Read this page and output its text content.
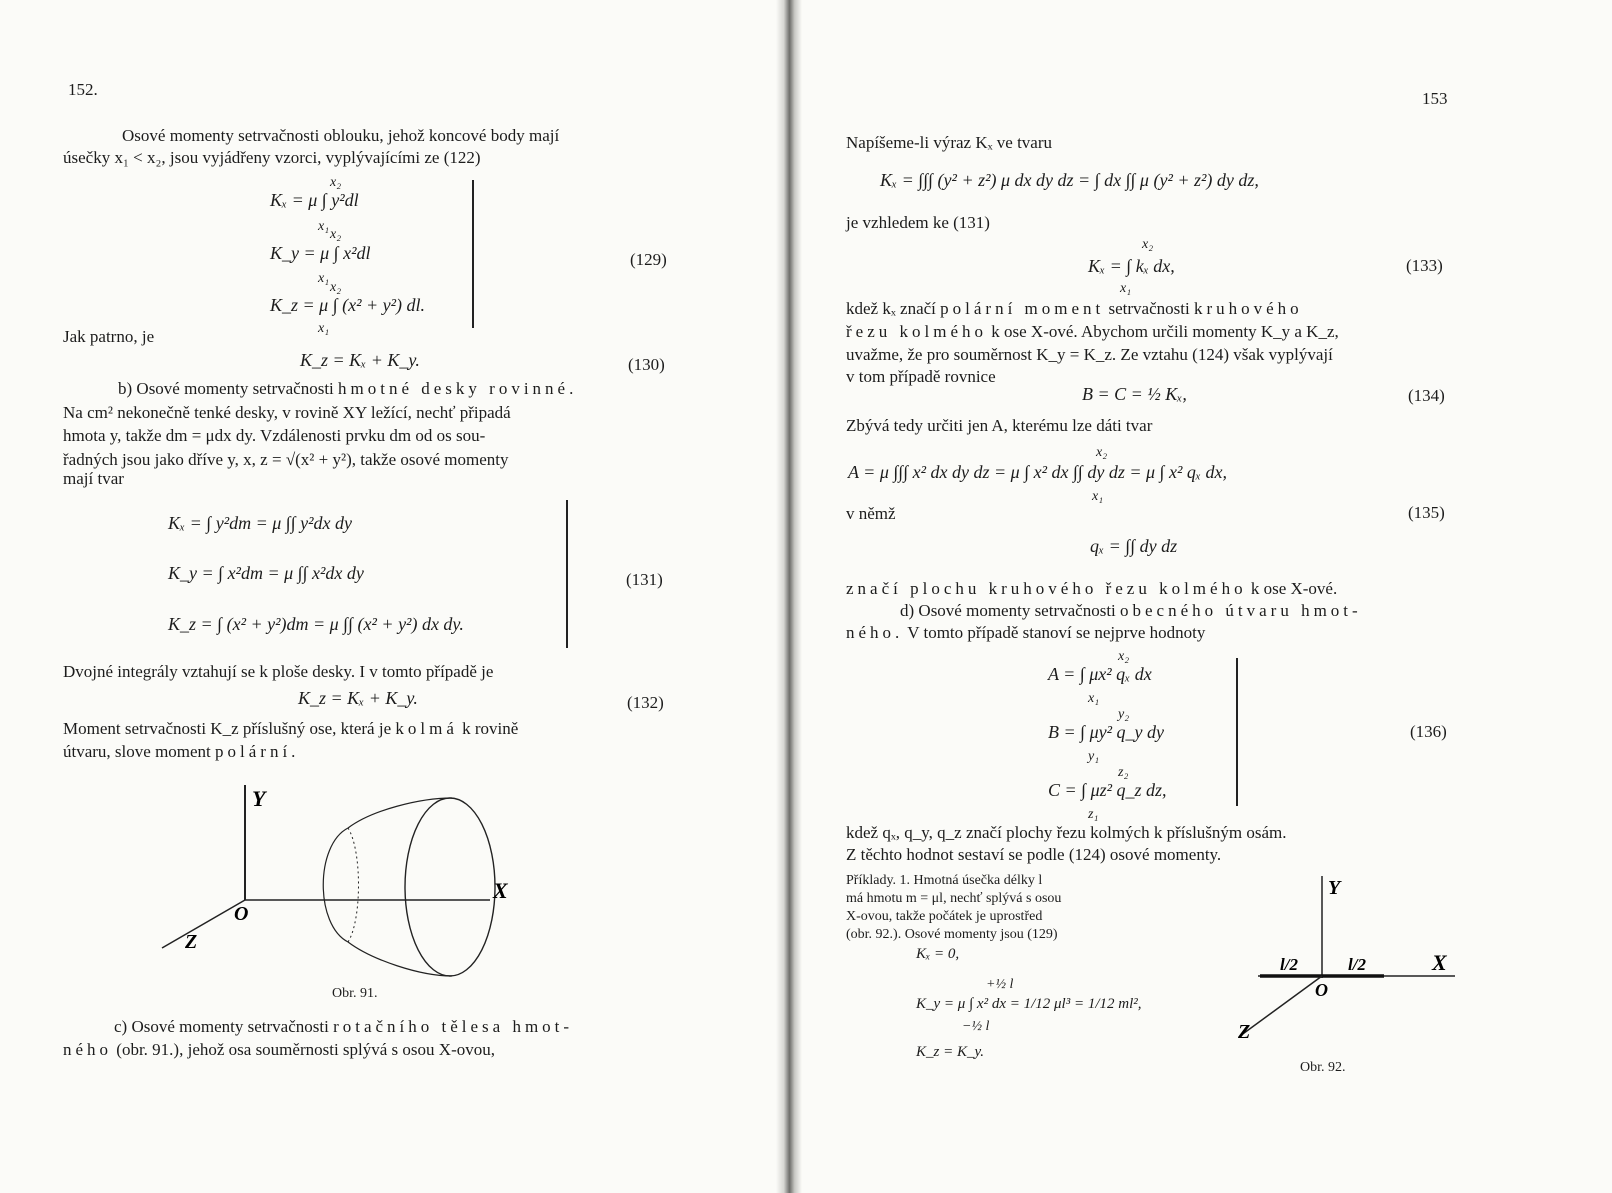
152.
Osové momenty setrvačnosti oblouku, jehož koncové body mají
úsečky x₁ < x₂, jsou vyjádřeny vzorci, vyplývajícími ze (122)
Kₓ = μ ∫ y²dl
K_y = μ ∫ x²dl
K_z = μ ∫ (x² + y²) dl.
x₂
x₁
x₂
x₁
x₂
x₁
(129)
Jak patrno, je
K_z = Kₓ + K_y.	(130)
b) Osové momenty setrvačnosti hmotné desky rovinné.
Na cm² nekonečně tenké desky, v rovině XY ležící, nechť připadá
hmota y, takže dm = μdx dy. Vzdálenosti prvku dm od os sou-
řadných jsou jako dříve y, x, z = √(x² + y²), takže osové momenty
mají tvar
Kₓ = ∫ y²dm = μ ∫∫ y²dx dy
K_y = ∫ x²dm = μ ∫∫ x²dx dy
K_z = ∫ (x² + y²)dm = μ ∫∫ (x² + y²) dx dy.
(131)
Dvojné integrály vztahují se k ploše desky. I v tomto případě je
K_z = Kₓ + K_y.	(132)
Moment setrvačnosti K_z příslušný ose, která je kolmá k rovině
útvaru, slove moment polární.
Y
X
O
Z
Obr. 91.
c) Osové momenty setrvačnosti rotačního tělesa hmot-
ného (obr. 91.), jehož osa souměrnosti splývá s osou X-ovou,
153
Napíšeme-li výraz Kₓ ve tvaru
Kₓ = ∫∫∫ (y² + z²) μ dx dy dz = ∫ dx ∫∫ μ (y² + z²) dy dz,
je vzhledem ke (131)
Kₓ = ∫ kₓ dx,
x₂
x₁
(133)
kdež kₓ značí polární moment setrvačnosti kruhového
řezu kolmého k ose X-ové. Abychom určili momenty K_y a K_z,
uvažme, že pro souměrnost K_y = K_z. Ze vztahu (124) však vyplývají
v tom případě rovnice
B = C = ½ Kₓ,	(134)
Zbývá tedy určiti jen A, kterému lze dáti tvar
A = μ ∫∫∫ x² dx dy dz = μ ∫ x² dx ∫∫ dy dz = μ ∫ x² qₓ dx,
x₂
x₁
v němž	(135)
qₓ = ∫∫ dy dz
značí plochu kruhového řezu kolmého k ose X-ové.
d) Osové momenty setrvačnosti obecného útvaru hmot-
ného. V tomto případě stanoví se nejprve hodnoty
A = ∫ μx² qₓ dx
B = ∫ μy² q_y dy
C = ∫ μz² q_z dz,
x₂
x₁
y₂
y₁
z₂
z₁
(136)
kdež qₓ, q_y, q_z značí plochy řezu kolmých k příslušným osám.
Z těchto hodnot sestaví se podle (124) osové momenty.
Příklady. 1. Hmotná úsečka délky l
má hmotu m = μl, nechť splývá s osou
X-ovou, takže počátek je uprostřed
(obr. 92.). Osové momenty jsou (129)
Kₓ = 0,
K_y = μ ∫ x² dx = 1/12 μl³ = 1/12 ml²,
+½ l
−½ l
K_z = K_y.
Y
X
O
Z
l/2	l/2
Obr. 92.
